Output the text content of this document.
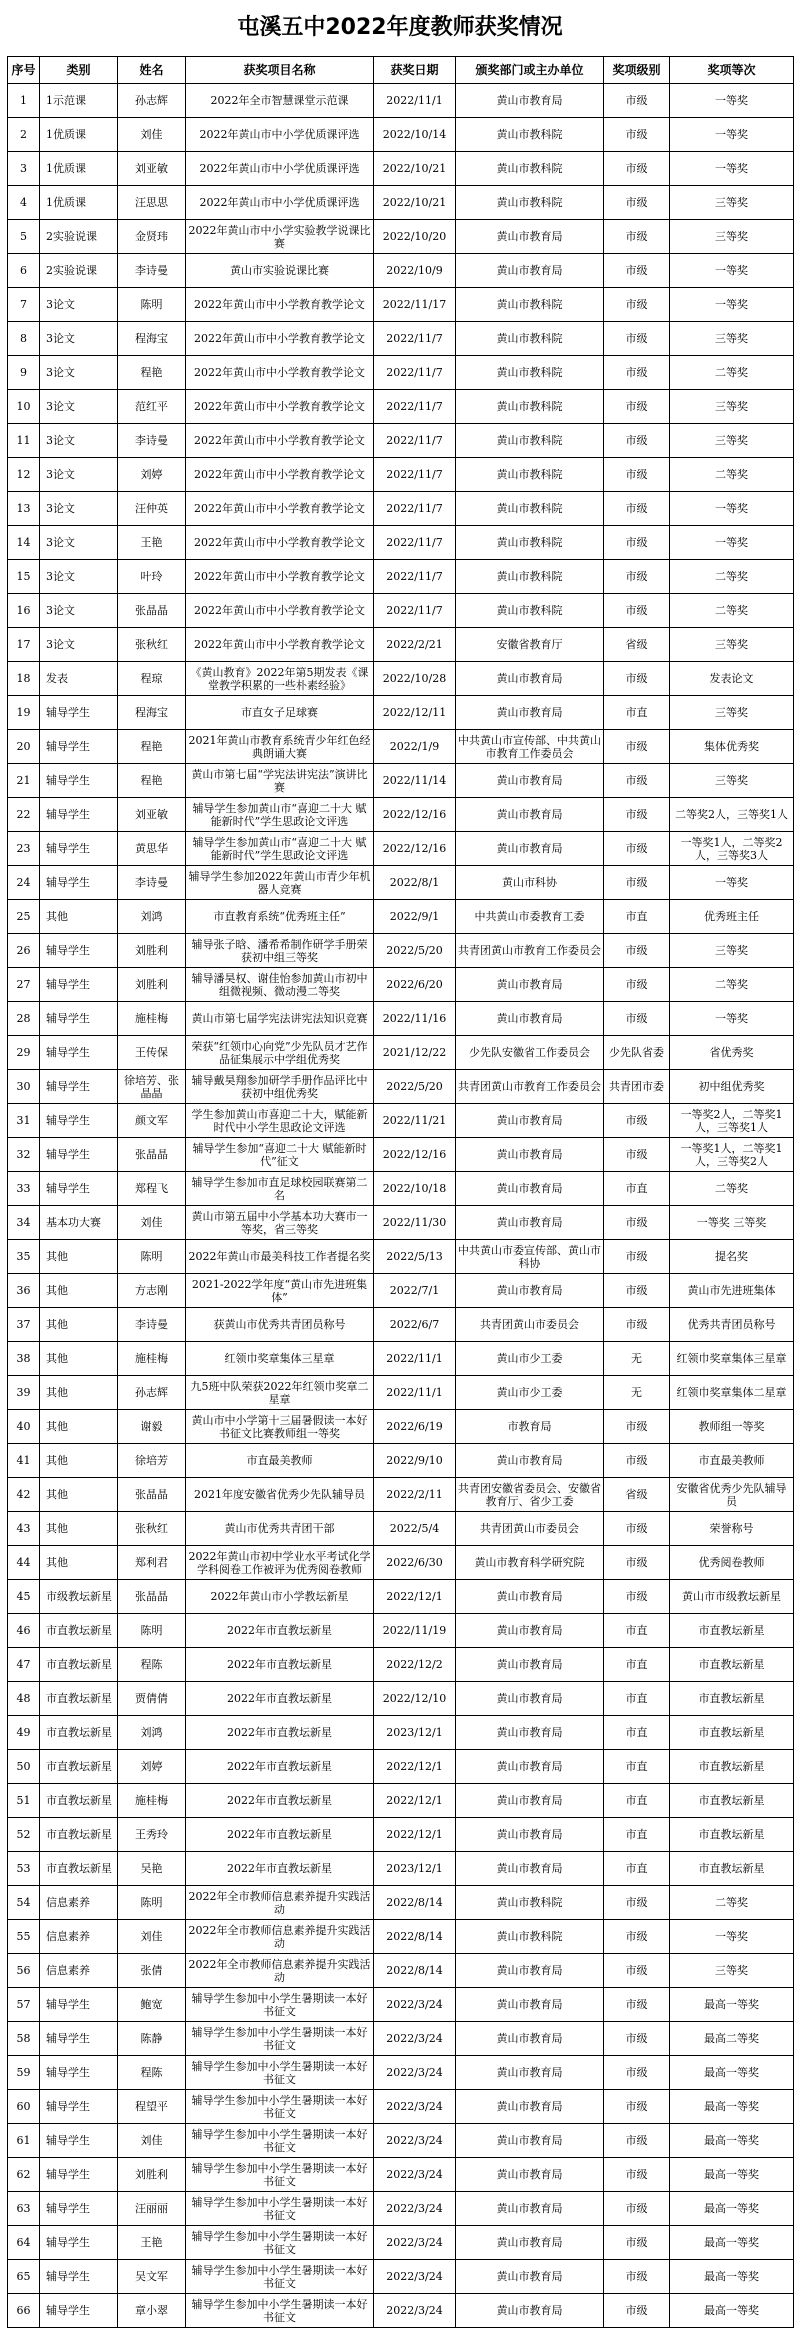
屯溪五中2022年度教师获奖情况
序号	类别	姓名	获奖项目名称	获奖日期	颁奖部门或主办单位	奖项级别	奖项等次
1	1示范课	孙志辉	2022年全市智慧课堂示范课	2022/11/1	黄山市教育局	市级	一等奖
2	1优质课	刘佳	2022年黄山市中小学优质课评选	2022/10/14	黄山市教科院	市级	一等奖
3	1优质课	刘亚敏	2022年黄山市中小学优质课评选	2022/10/21	黄山市教科院	市级	一等奖
4	1优质课	汪思思	2022年黄山市中小学优质课评选	2022/10/21	黄山市教科院	市级	三等奖
5	2实验说课	金贤玮	2022年黄山市中小学实验教学说课比赛	2022/10/20	黄山市教育局	市级	三等奖
6	2实验说课	李诗曼	黄山市实验说课比赛	2022/10/9	黄山市教育局	市级	一等奖
7	3论文	陈明	2022年黄山市中小学教育教学论文	2022/11/17	黄山市教科院	市级	一等奖
8	3论文	程海宝	2022年黄山市中小学教育教学论文	2022/11/7	黄山市教科院	市级	三等奖
9	3论文	程艳	2022年黄山市中小学教育教学论文	2022/11/7	黄山市教科院	市级	二等奖
10	3论文	范红平	2022年黄山市中小学教育教学论文	2022/11/7	黄山市教科院	市级	三等奖
11	3论文	李诗曼	2022年黄山市中小学教育教学论文	2022/11/7	黄山市教科院	市级	三等奖
12	3论文	刘婷	2022年黄山市中小学教育教学论文	2022/11/7	黄山市教科院	市级	二等奖
13	3论文	汪仲英	2022年黄山市中小学教育教学论文	2022/11/7	黄山市教科院	市级	一等奖
14	3论文	王艳	2022年黄山市中小学教育教学论文	2022/11/7	黄山市教科院	市级	一等奖
15	3论文	叶玲	2022年黄山市中小学教育教学论文	2022/11/7	黄山市教科院	市级	二等奖
16	3论文	张晶晶	2022年黄山市中小学教育教学论文	2022/11/7	黄山市教科院	市级	二等奖
17	3论文	张秋红	2022年黄山市中小学教育教学论文	2022/2/21	安徽省教育厅	省级	三等奖
18	发表	程琼	《黄山教育》2022年第5期发表《课堂教学积累的一些朴素经验》	2022/10/28	黄山市教育局	市级	发表论文
19	辅导学生	程海宝	市直女子足球赛	2022/12/11	黄山市教育局	市直	三等奖
20	辅导学生	程艳	2021年黄山市教育系统青少年红色经典朗诵大赛	2022/1/9	中共黄山市宣传部、中共黄山市教育工作委员会	市级	集体优秀奖
21	辅导学生	程艳	黄山市第七届“学宪法讲宪法”演讲比赛	2022/11/14	黄山市教育局	市级	三等奖
22	辅导学生	刘亚敏	辅导学生参加黄山市“喜迎二十大 赋能新时代”学生思政论文评选	2022/12/16	黄山市教育局	市级	二等奖2人，三等奖1人
23	辅导学生	黄思华	辅导学生参加黄山市“喜迎二十大 赋能新时代”学生思政论文评选	2022/12/16	黄山市教育局	市级	一等奖1人，二等奖2人，三等奖3人
24	辅导学生	李诗曼	辅导学生参加2022年黄山市青少年机器人竞赛	2022/8/1	黄山市科协	市级	一等奖
25	其他	刘鸿	市直教育系统“优秀班主任”	2022/9/1	中共黄山市委教育工委	市直	优秀班主任
26	辅导学生	刘胜利	辅导张子晗、潘希希制作研学手册荣获初中组三等奖	2022/5/20	共青团黄山市教育工作委员会	市级	三等奖
27	辅导学生	刘胜利	辅导潘昊权、谢佳怡参加黄山市初中组微视频、微动漫二等奖	2022/6/20	黄山市教育局	市级	二等奖
28	辅导学生	施桂梅	黄山市第七届学宪法讲宪法知识竞赛	2022/11/16	黄山市教育局	市级	一等奖
29	辅导学生	王传保	荣获“红领巾心向党”少先队员才艺作品征集展示中学组优秀奖	2021/12/22	少先队安徽省工作委员会	少先队省委	省优秀奖
30	辅导学生	徐培芳、张晶晶	辅导戴昊翔参加研学手册作品评比中获初中组优秀奖	2022/5/20	共青团黄山市教育工作委员会	共青团市委	初中组优秀奖
31	辅导学生	颜文军	学生参加黄山市喜迎二十大，赋能新时代中小学生思政论文评选	2022/11/21	黄山市教育局	市级	一等奖2人，二等奖1人，三等奖1人
32	辅导学生	张晶晶	辅导学生参加“喜迎二十大 赋能新时代”征文	2022/12/16	黄山市教育局	市级	一等奖1人，二等奖1人，三等奖2人
33	辅导学生	郑程飞	辅导学生参加市直足球校园联赛第二名	2022/10/18	黄山市教育局	市直	二等奖
34	基本功大赛	刘佳	黄山市第五届中小学基本功大赛市一等奖，省三等奖	2022/11/30	黄山市教育局	市级	一等奖 三等奖
35	其他	陈明	2022年黄山市最美科技工作者提名奖	2022/5/13	中共黄山市委宣传部、黄山市科协	市级	提名奖
36	其他	方志刚	2021-2022学年度“黄山市先进班集体”	2022/7/1	黄山市教育局	市级	黄山市先进班集体
37	其他	李诗曼	获黄山市优秀共青团员称号	2022/6/7	共青团黄山市委员会	市级	优秀共青团员称号
38	其他	施桂梅	红领巾奖章集体三星章	2022/11/1	黄山市少工委	无	红领巾奖章集体三星章
39	其他	孙志辉	九5班中队荣获2022年红领巾奖章二星章	2022/11/1	黄山市少工委	无	红领巾奖章集体二星章
40	其他	谢毅	黄山市中小学第十三届暑假读一本好书征文比赛教师组一等奖	2022/6/19	市教育局	市级	教师组一等奖
41	其他	徐培芳	市直最美教师	2022/9/10	黄山市教育局	市级	市直最美教师
42	其他	张晶晶	2021年度安徽省优秀少先队辅导员	2022/2/11	共青团安徽省委员会、安徽省教育厅、省少工委	省级	安徽省优秀少先队辅导员
43	其他	张秋红	黄山市优秀共青团干部	2022/5/4	共青团黄山市委员会	市级	荣誉称号
44	其他	郑利君	2022年黄山市初中学业水平考试化学学科阅卷工作被评为优秀阅卷教师	2022/6/30	黄山市教育科学研究院	市级	优秀阅卷教师
45	市级教坛新星	张晶晶	2022年黄山市小学教坛新星	2022/12/1	黄山市教育局	市级	黄山市市级教坛新星
46	市直教坛新星	陈明	2022年市直教坛新星	2022/11/19	黄山市教育局	市直	市直教坛新星
47	市直教坛新星	程陈	2022年市直教坛新星	2022/12/2	黄山市教育局	市直	市直教坛新星
48	市直教坛新星	贾倩倩	2022年市直教坛新星	2022/12/10	黄山市教育局	市直	市直教坛新星
49	市直教坛新星	刘鸿	2022年市直教坛新星	2023/12/1	黄山市教育局	市直	市直教坛新星
50	市直教坛新星	刘婷	2022年市直教坛新星	2022/12/1	黄山市教育局	市直	市直教坛新星
51	市直教坛新星	施桂梅	2022年市直教坛新星	2022/12/1	黄山市教育局	市直	市直教坛新星
52	市直教坛新星	王秀玲	2022年市直教坛新星	2022/12/1	黄山市教育局	市直	市直教坛新星
53	市直教坛新星	吴艳	2022年市直教坛新星	2023/12/1	黄山市教育局	市直	市直教坛新星
54	信息素养	陈明	2022年全市教师信息素养提升实践活动	2022/8/14	黄山市教科院	市级	二等奖
55	信息素养	刘佳	2022年全市教师信息素养提升实践活动	2022/8/14	黄山市教科院	市级	一等奖
56	信息素养	张倩	2022年全市教师信息素养提升实践活动	2022/8/14	黄山市教育局	市级	三等奖
57	辅导学生	鲍宽	辅导学生参加中小学生暑期读一本好书征文	2022/3/24	黄山市教育局	市级	最高一等奖
58	辅导学生	陈静	辅导学生参加中小学生暑期读一本好书征文	2022/3/24	黄山市教育局	市级	最高二等奖
59	辅导学生	程陈	辅导学生参加中小学生暑期读一本好书征文	2022/3/24	黄山市教育局	市级	最高一等奖
60	辅导学生	程望平	辅导学生参加中小学生暑期读一本好书征文	2022/3/24	黄山市教育局	市级	最高一等奖
61	辅导学生	刘佳	辅导学生参加中小学生暑期读一本好书征文	2022/3/24	黄山市教育局	市级	最高一等奖
62	辅导学生	刘胜利	辅导学生参加中小学生暑期读一本好书征文	2022/3/24	黄山市教育局	市级	最高一等奖
63	辅导学生	汪丽丽	辅导学生参加中小学生暑期读一本好书征文	2022/3/24	黄山市教育局	市级	最高一等奖
64	辅导学生	王艳	辅导学生参加中小学生暑期读一本好书征文	2022/3/24	黄山市教育局	市级	最高一等奖
65	辅导学生	吴文军	辅导学生参加中小学生暑期读一本好书征文	2022/3/24	黄山市教育局	市级	最高一等奖
66	辅导学生	章小翠	辅导学生参加中小学生暑期读一本好书征文	2022/3/24	黄山市教育局	市级	最高一等奖
